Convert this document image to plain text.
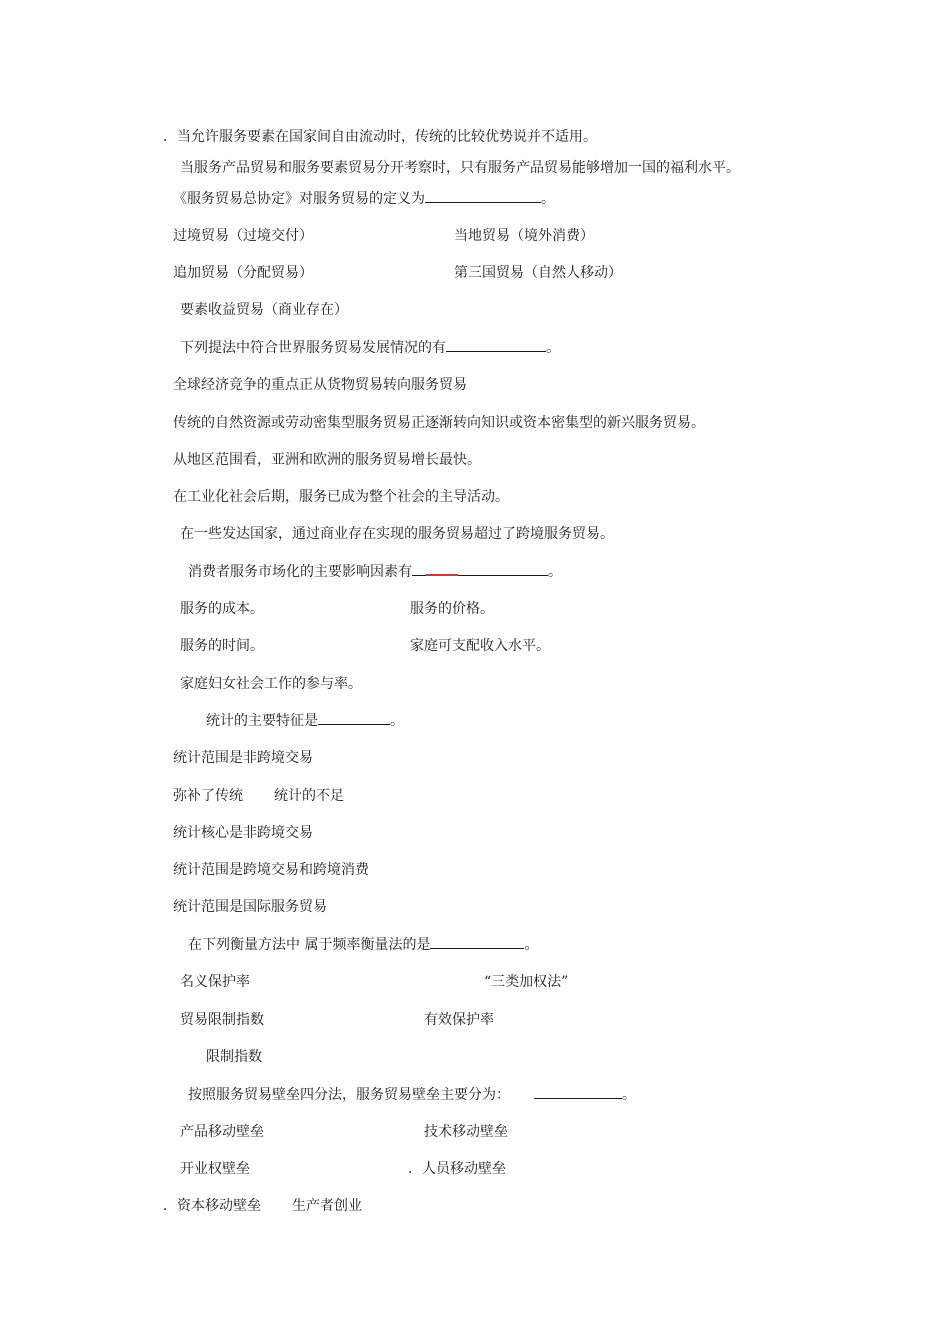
．当允许服务要素在国家间自由流动时，传统的比较优势说并不适用。
当服务产品贸易和服务要素贸易分开考察时，只有服务产品贸易能够增加一国的福利水平。
《服务贸易总协定》对服务贸易的定义为	。
过境贸易（过境交付）	当地贸易（境外消费）
追加贸易（分配贸易）	第三国贸易（自然人移动）
要素收益贸易（商业存在）
下列提法中符合世界服务贸易发展情况的有	。
全球经济竞争的重点正从货物贸易转向服务贸易
传统的自然资源或劳动密集型服务贸易正逐渐转向知识或资本密集型的新兴服务贸易。
从地区范围看，亚洲和欧洲的服务贸易增长最快。
在工业化社会后期，服务已成为整个社会的主导活动。
在一些发达国家，通过商业存在实现的服务贸易超过了跨境服务贸易。
消费者服务市场化的主要影响因素有	。
服务的成本。	服务的价格。
服务的时间。	家庭可支配收入水平。
家庭妇女社会工作的参与率。
统计的主要特征是	。
统计范围是非跨境交易
弥补了传统 统计的不足
统计核心是非跨境交易
统计范围是跨境交易和跨境消费
统计范围是国际服务贸易
在下列衡量方法中 属于频率衡量法的是	。
名义保护率	“三类加权法”
贸易限制指数	有效保护率
限制指数
按照服务贸易壁垒四分法，服务贸易壁垒主要分为：	。
产品移动壁垒	技术移动壁垒
开业权壁垒	．人员移动壁垒
．资本移动壁垒 生产者创业
